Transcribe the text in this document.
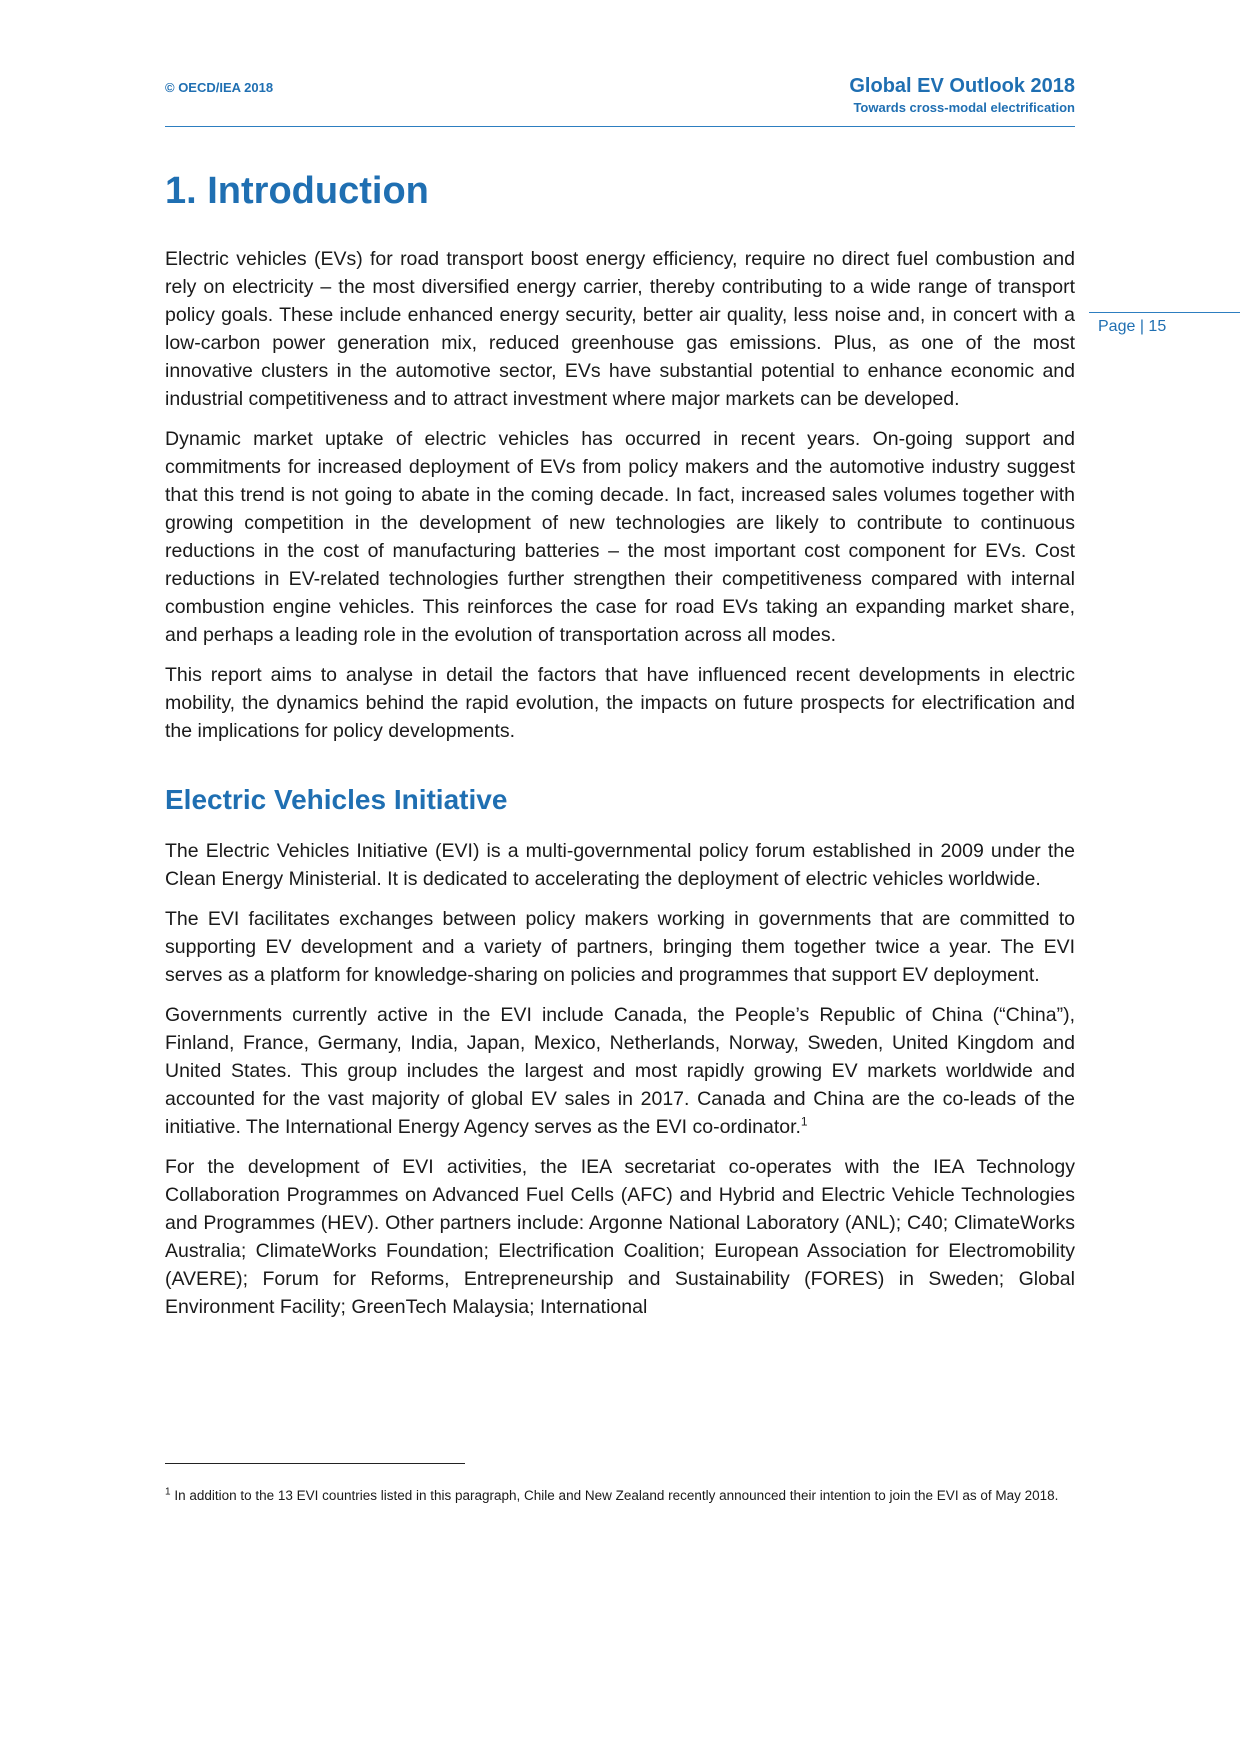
© OECD/IEA 2018	Global EV Outlook 2018
Towards cross-modal electrification
Page | 15
1. Introduction

Electric vehicles (EVs) for road transport boost energy efficiency, require no direct fuel combustion and rely on electricity – the most diversified energy carrier, thereby contributing to a wide range of transport policy goals. These include enhanced energy security, better air quality, less noise and, in concert with a low-carbon power generation mix, reduced greenhouse gas emissions. Plus, as one of the most innovative clusters in the automotive sector, EVs have substantial potential to enhance economic and industrial competitiveness and to attract investment where major markets can be developed.

Dynamic market uptake of electric vehicles has occurred in recent years. On-going support and commitments for increased deployment of EVs from policy makers and the automotive industry suggest that this trend is not going to abate in the coming decade. In fact, increased sales volumes together with growing competition in the development of new technologies are likely to contribute to continuous reductions in the cost of manufacturing batteries – the most important cost component for EVs. Cost reductions in EV-related technologies further strengthen their competitiveness compared with internal combustion engine vehicles. This reinforces the case for road EVs taking an expanding market share, and perhaps a leading role in the evolution of transportation across all modes.

This report aims to analyse in detail the factors that have influenced recent developments in electric mobility, the dynamics behind the rapid evolution, the impacts on future prospects for electrification and the implications for policy developments.

Electric Vehicles Initiative

The Electric Vehicles Initiative (EVI) is a multi-governmental policy forum established in 2009 under the Clean Energy Ministerial. It is dedicated to accelerating the deployment of electric vehicles worldwide.

The EVI facilitates exchanges between policy makers working in governments that are committed to supporting EV development and a variety of partners, bringing them together twice a year. The EVI serves as a platform for knowledge-sharing on policies and programmes that support EV deployment.

Governments currently active in the EVI include Canada, the People’s Republic of China (“China”), Finland, France, Germany, India, Japan, Mexico, Netherlands, Norway, Sweden, United Kingdom and United States. This group includes the largest and most rapidly growing EV markets worldwide and accounted for the vast majority of global EV sales in 2017. Canada and China are the co-leads of the initiative. The International Energy Agency serves as the EVI co-ordinator.$^1$

For the development of EVI activities, the IEA secretariat co-operates with the IEA Technology Collaboration Programmes on Advanced Fuel Cells (AFC) and Hybrid and Electric Vehicle Technologies and Programmes (HEV). Other partners include: Argonne National Laboratory (ANL); C40; ClimateWorks Australia; ClimateWorks Foundation; Electrification Coalition; European Association for Electromobility (AVERE); Forum for Reforms, Entrepreneurship and Sustainability (FORES) in Sweden; Global Environment Facility; GreenTech Malaysia; International

$^1$ In addition to the 13 EVI countries listed in this paragraph, Chile and New Zealand recently announced their intention to join the EVI as of May 2018.
